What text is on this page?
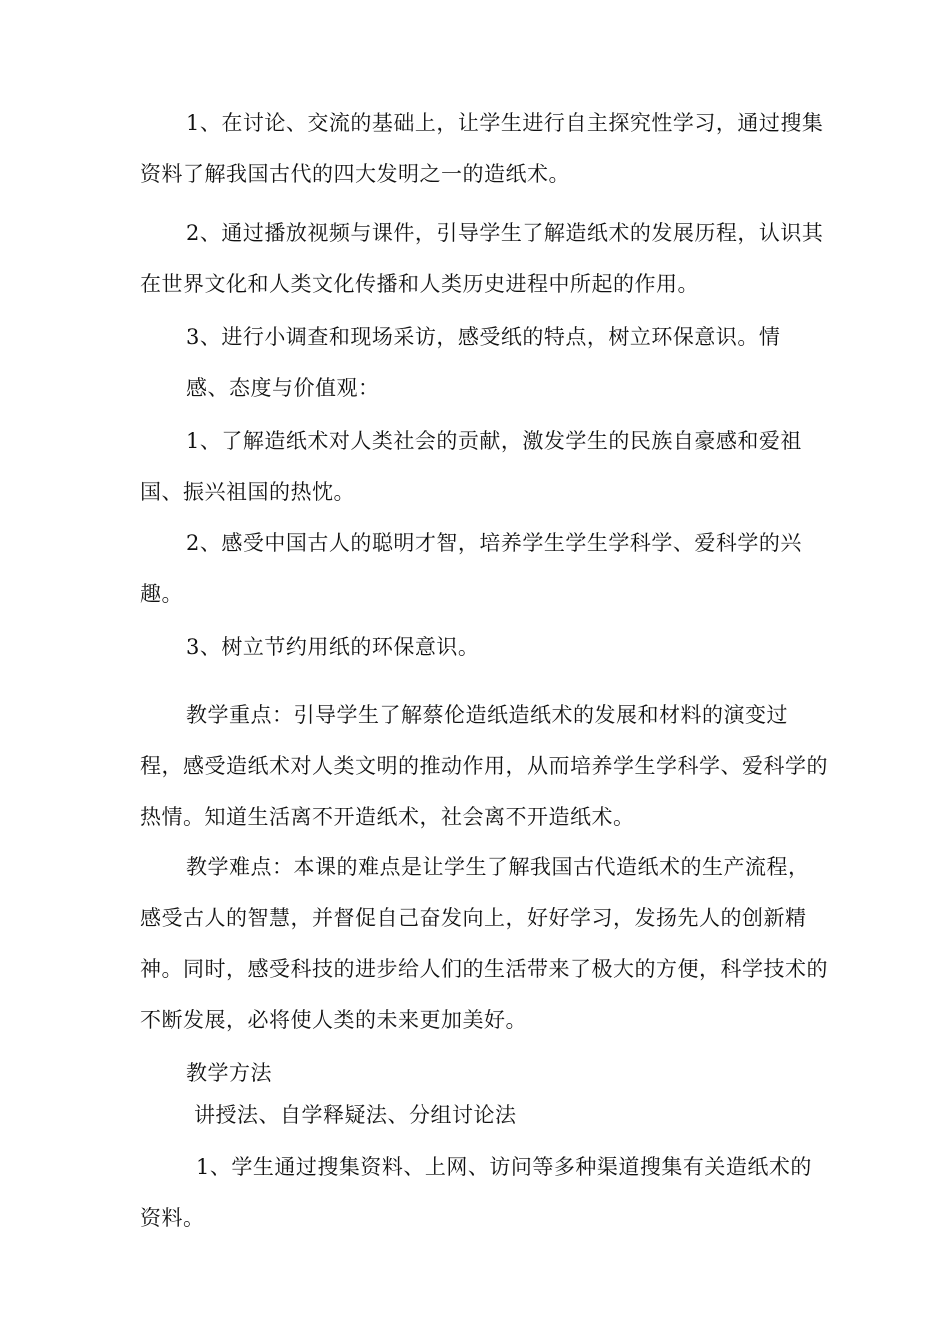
1、在讨论、交流的基础上，让学生进行自主探究性学习，通过搜集资料了解我国古代的四大发明之一的造纸术。

2、通过播放视频与课件，引导学生了解造纸术的发展历程，认识其在世界文化和人类文化传播和人类历史进程中所起的作用。

3、进行小调查和现场采访，感受纸的特点，树立环保意识。情

感、态度与价值观：

1、了解造纸术对人类社会的贡献，激发学生的民族自豪感和爱祖国、振兴祖国的热忱。

2、感受中国古人的聪明才智，培养学生学生学科学、爱科学的兴趣。

3、树立节约用纸的环保意识。

教学重点：引导学生了解蔡伦造纸造纸术的发展和材料的演变过程，感受造纸术对人类文明的推动作用，从而培养学生学科学、爱科学的热情。知道生活离不开造纸术，社会离不开造纸术。

教学难点：本课的难点是让学生了解我国古代造纸术的生产流程，感受古人的智慧，并督促自己奋发向上，好好学习，发扬先人的创新精神。同时，感受科技的进步给人们的生活带来了极大的方便，科学技术的不断发展，必将使人类的未来更加美好。

教学方法

讲授法、自学释疑法、分组讨论法

1、学生通过搜集资料、上网、访问等多种渠道搜集有关造纸术的资料。
